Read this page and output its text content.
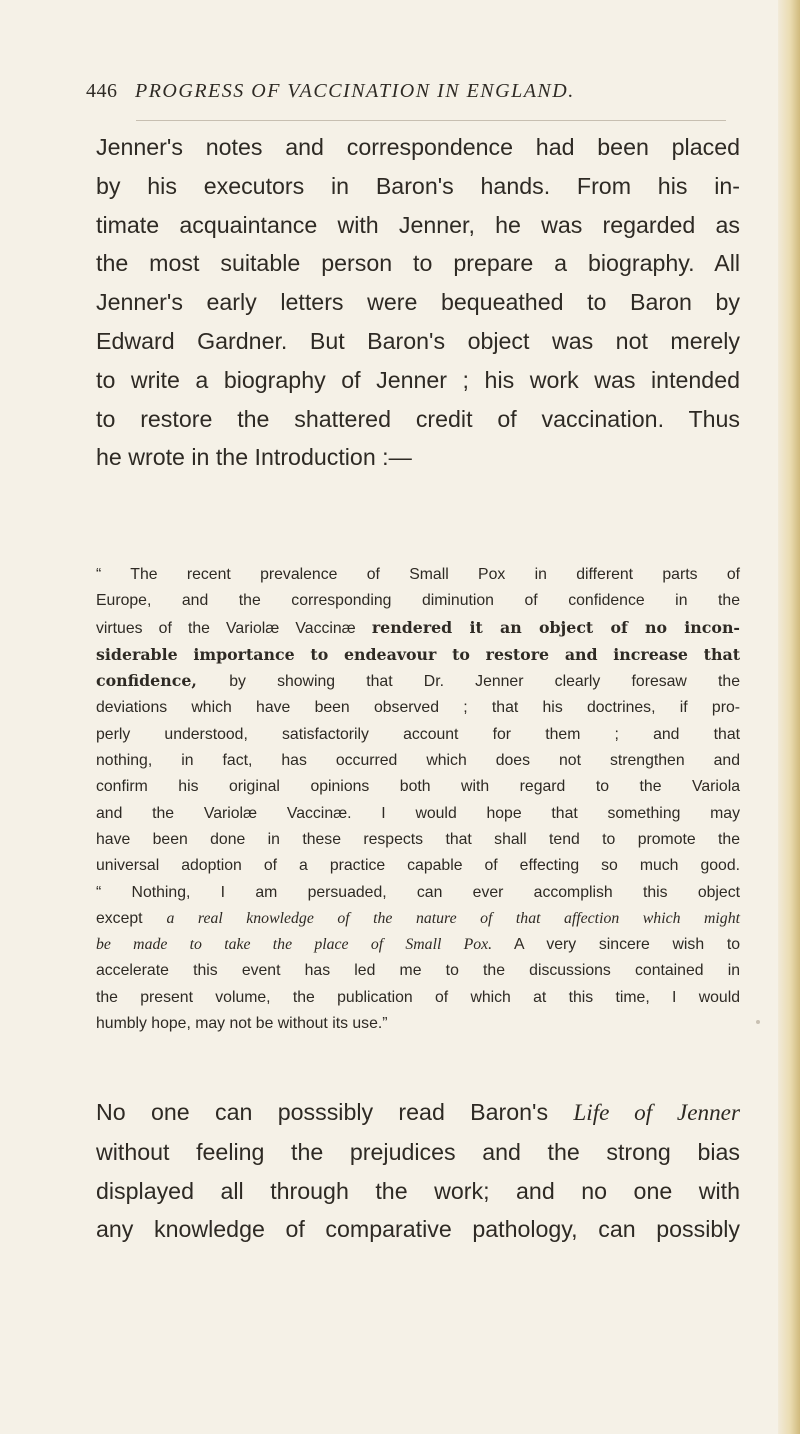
446 PROGRESS OF VACCINATION IN ENGLAND.
Jenner's notes and correspondence had been placed
by his executors in Baron's hands. From his in-
timate acquaintance with Jenner, he was regarded as
the most suitable person to prepare a biography. All
Jenner's early letters were bequeathed to Baron by
Edward Gardner. But Baron's object was not merely
to write a biography of Jenner ; his work was intended
to restore the shattered credit of vaccination. Thus
he wrote in the Introduction :—
“ The recent prevalence of Small Pox in different parts of
Europe, and the corresponding diminution of confidence in the
virtues of the Variolæ Vaccinæ rendered it an object of no incon-
siderable importance to endeavour to restore and increase that
confidence, by showing that Dr. Jenner clearly foresaw the
deviations which have been observed ; that his doctrines, if pro-
perly understood, satisfactorily account for them ; and that
nothing, in fact, has occurred which does not strengthen and
confirm his original opinions both with regard to the Variola
and the Variolæ Vaccinæ. I would hope that something may
have been done in these respects that shall tend to promote the
universal adoption of a practice capable of effecting so much good.
“ Nothing, I am persuaded, can ever accomplish this object
except a real knowledge of the nature of that affection which might
be made to take the place of Small Pox. A very sincere wish to
accelerate this event has led me to the discussions contained in
the present volume, the publication of which at this time, I would
humbly hope, may not be without its use.”
No one can posssibly read Baron's Life of Jenner
without feeling the prejudices and the strong bias
displayed all through the work; and no one with
any knowledge of comparative pathology, can possibly
